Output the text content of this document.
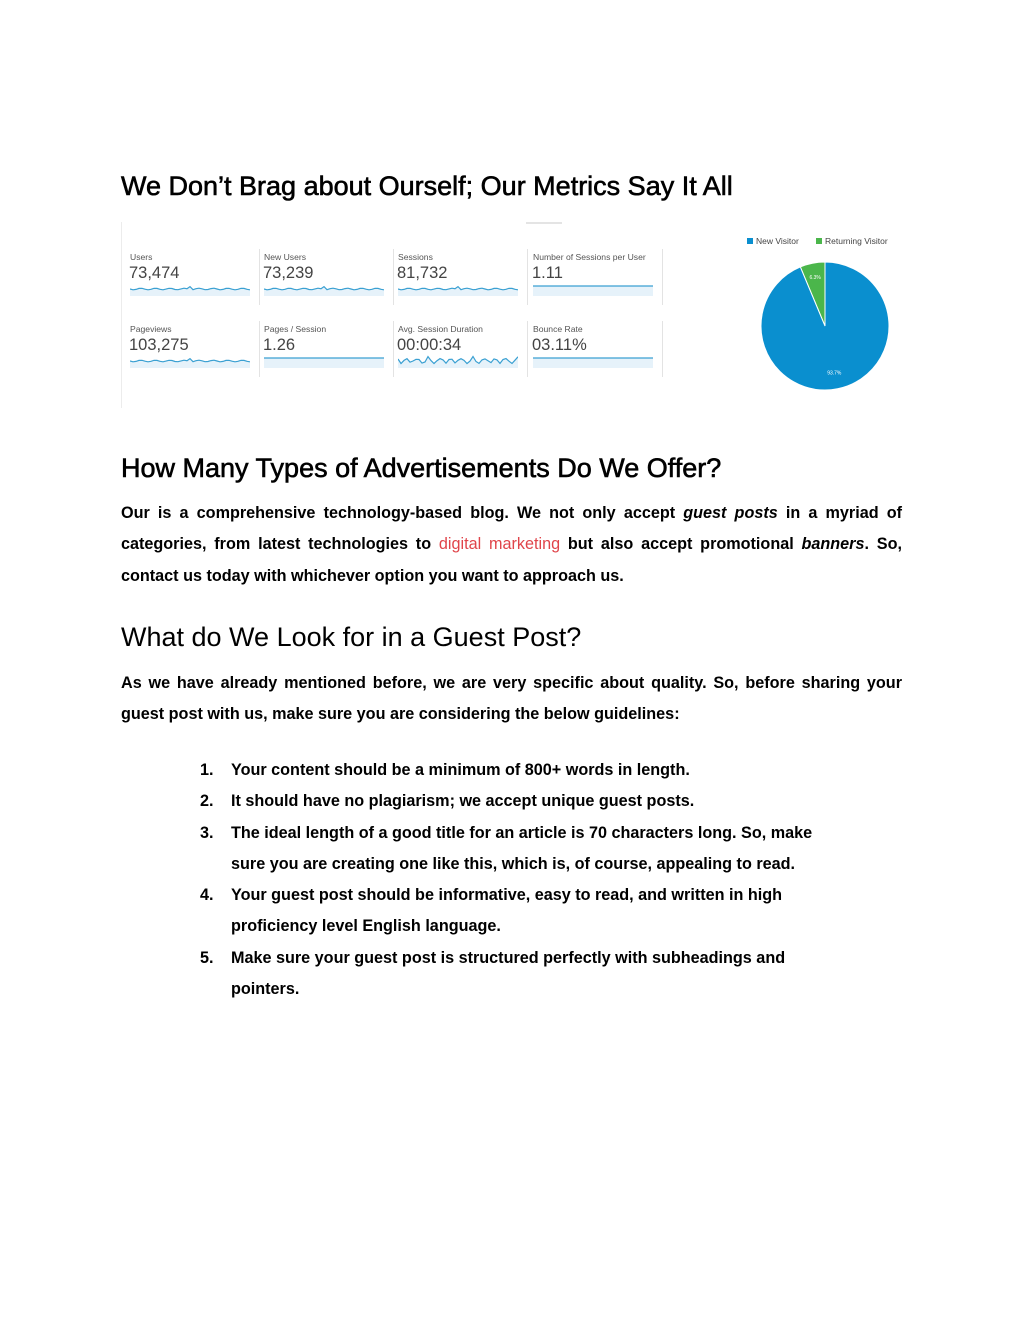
We Don’t Brag about Ourself; Our Metrics Say It All
Users
73,474
New Users
73,239
Sessions
81,732
Number of Sessions per User
1.11
Pageviews
103,275
Pages / Session
1.26
Avg. Session Duration
00:00:34
Bounce Rate
03.11%
New Visitor	Returning Visitor
93.7%
6.3%
How Many Types of Advertisements Do We Offer?

Our is a comprehensive technology-based blog. We not only accept guest posts in a myriad of categories, from latest technologies to digital marketing but also accept promotional banners. So, contact us today with whichever option you want to approach us.

What do We Look for in a Guest Post?

As we have already mentioned before, we are very specific about quality. So, before sharing your guest post with us, make sure you are considering the below guidelines:

1. Your content should be a minimum of 800+ words in length.
2. It should have no plagiarism; we accept unique guest posts.
3. The ideal length of a good title for an article is 70 characters long. So, make sure you are creating one like this, which is, of course, appealing to read.
4. Your guest post should be informative, easy to read, and written in high proficiency level English language.
5. Make sure your guest post is structured perfectly with subheadings and pointers.
